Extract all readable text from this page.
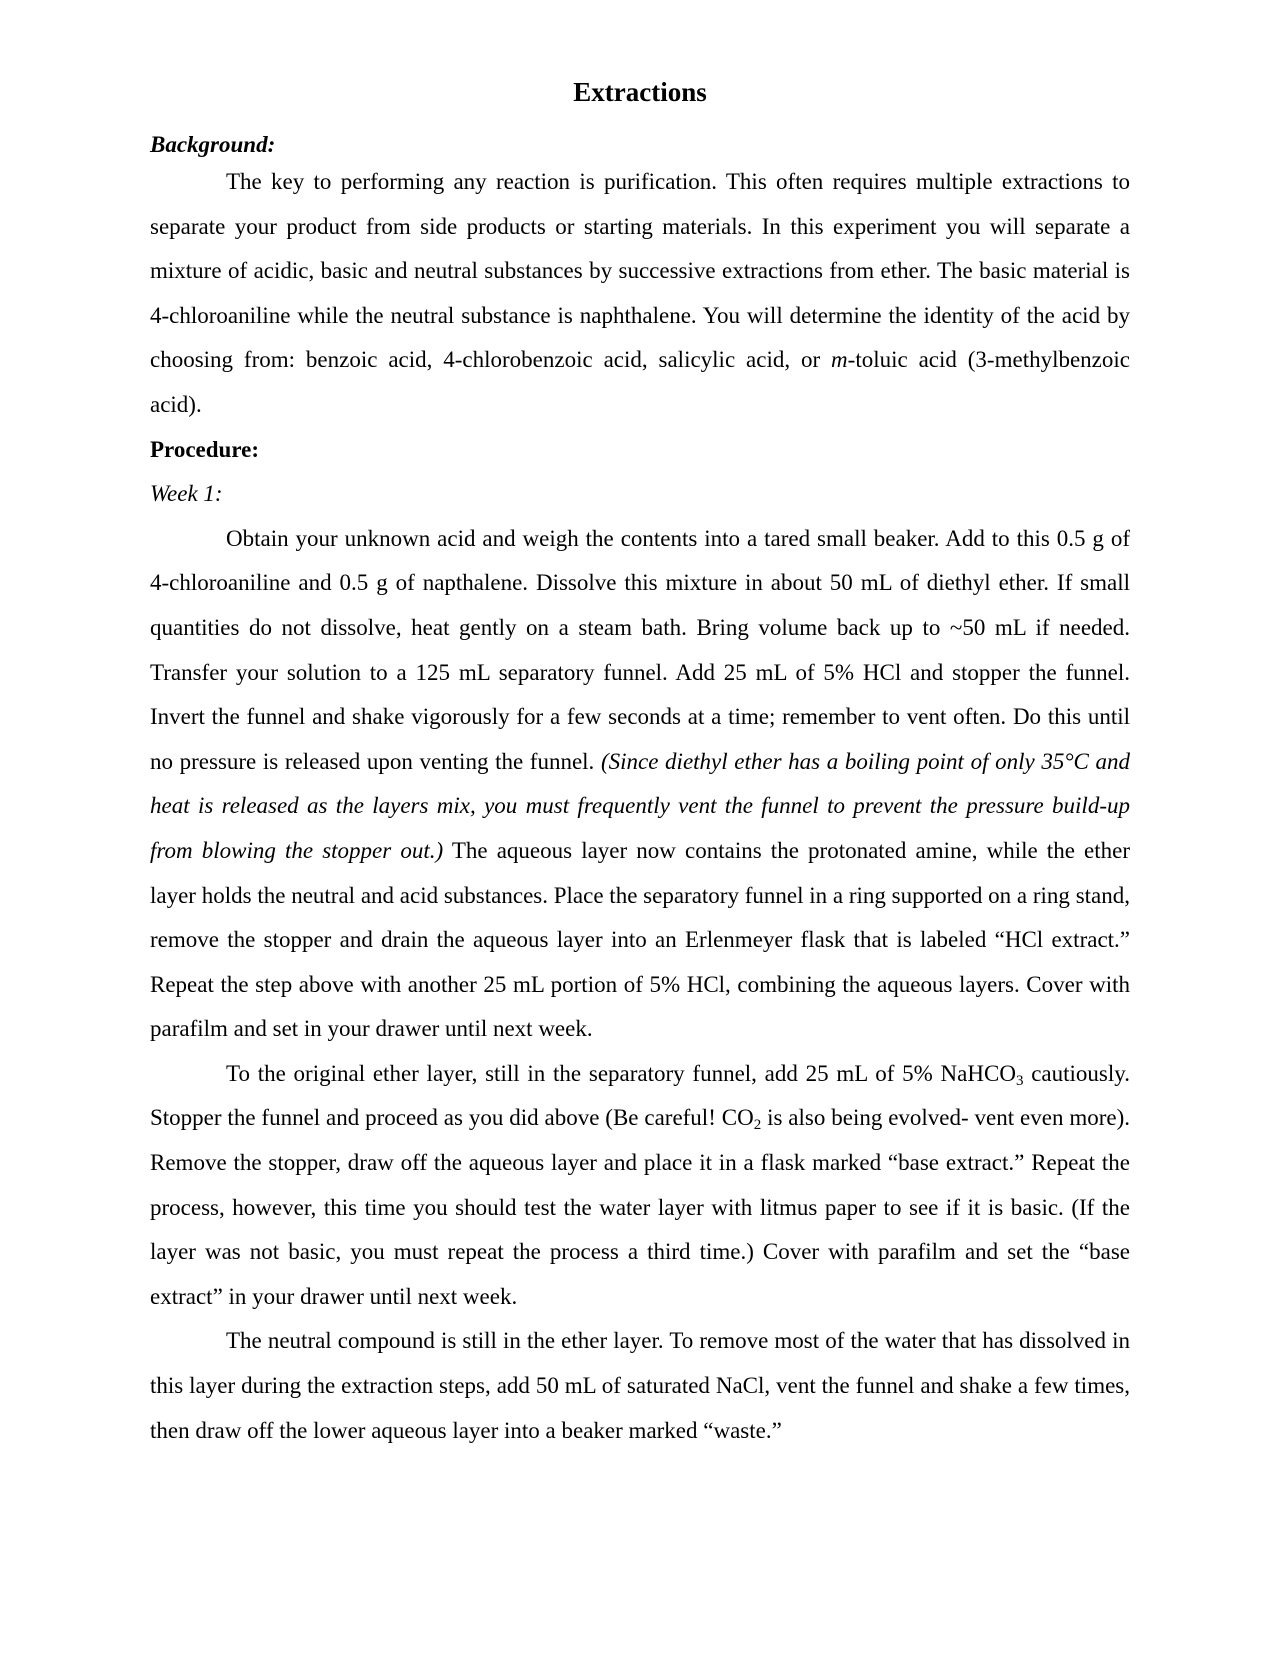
Extractions
Background:

The key to performing any reaction is purification. This often requires multiple extractions to separate your product from side products or starting materials. In this experiment you will separate a mixture of acidic, basic and neutral substances by successive extractions from ether. The basic material is 4-chloroaniline while the neutral substance is naphthalene. You will determine the identity of the acid by choosing from: benzoic acid, 4-chlorobenzoic acid, salicylic acid, or m-toluic acid (3-methylbenzoic acid).

Procedure:
Week 1:

Obtain your unknown acid and weigh the contents into a tared small beaker. Add to this 0.5 g of 4-chloroaniline and 0.5 g of napthalene. Dissolve this mixture in about 50 mL of diethyl ether. If small quantities do not dissolve, heat gently on a steam bath. Bring volume back up to ~50 mL if needed. Transfer your solution to a 125 mL separatory funnel. Add 25 mL of 5% HCl and stopper the funnel. Invert the funnel and shake vigorously for a few seconds at a time; remember to vent often. Do this until no pressure is released upon venting the funnel. (Since diethyl ether has a boiling point of only 35°C and heat is released as the layers mix, you must frequently vent the funnel to prevent the pressure build-up from blowing the stopper out.) The aqueous layer now contains the protonated amine, while the ether layer holds the neutral and acid substances. Place the separatory funnel in a ring supported on a ring stand, remove the stopper and drain the aqueous layer into an Erlenmeyer flask that is labeled “HCl extract.” Repeat the step above with another 25 mL portion of 5% HCl, combining the aqueous layers. Cover with parafilm and set in your drawer until next week.

To the original ether layer, still in the separatory funnel, add 25 mL of 5% NaHCO$_3$ cautiously. Stopper the funnel and proceed as you did above (Be careful! $CO_2$ is also being evolved- vent even more). Remove the stopper, draw off the aqueous layer and place it in a flask marked “base extract.” Repeat the process, however, this time you should test the water layer with litmus paper to see if it is basic. (If the layer was not basic, you must repeat the process a third time.) Cover with parafilm and set the “base extract” in your drawer until next week.

The neutral compound is still in the ether layer. To remove most of the water that has dissolved in this layer during the extraction steps, add 50 mL of saturated NaCl, vent the funnel and shake a few times, then draw off the lower aqueous layer into a beaker marked “waste.”
